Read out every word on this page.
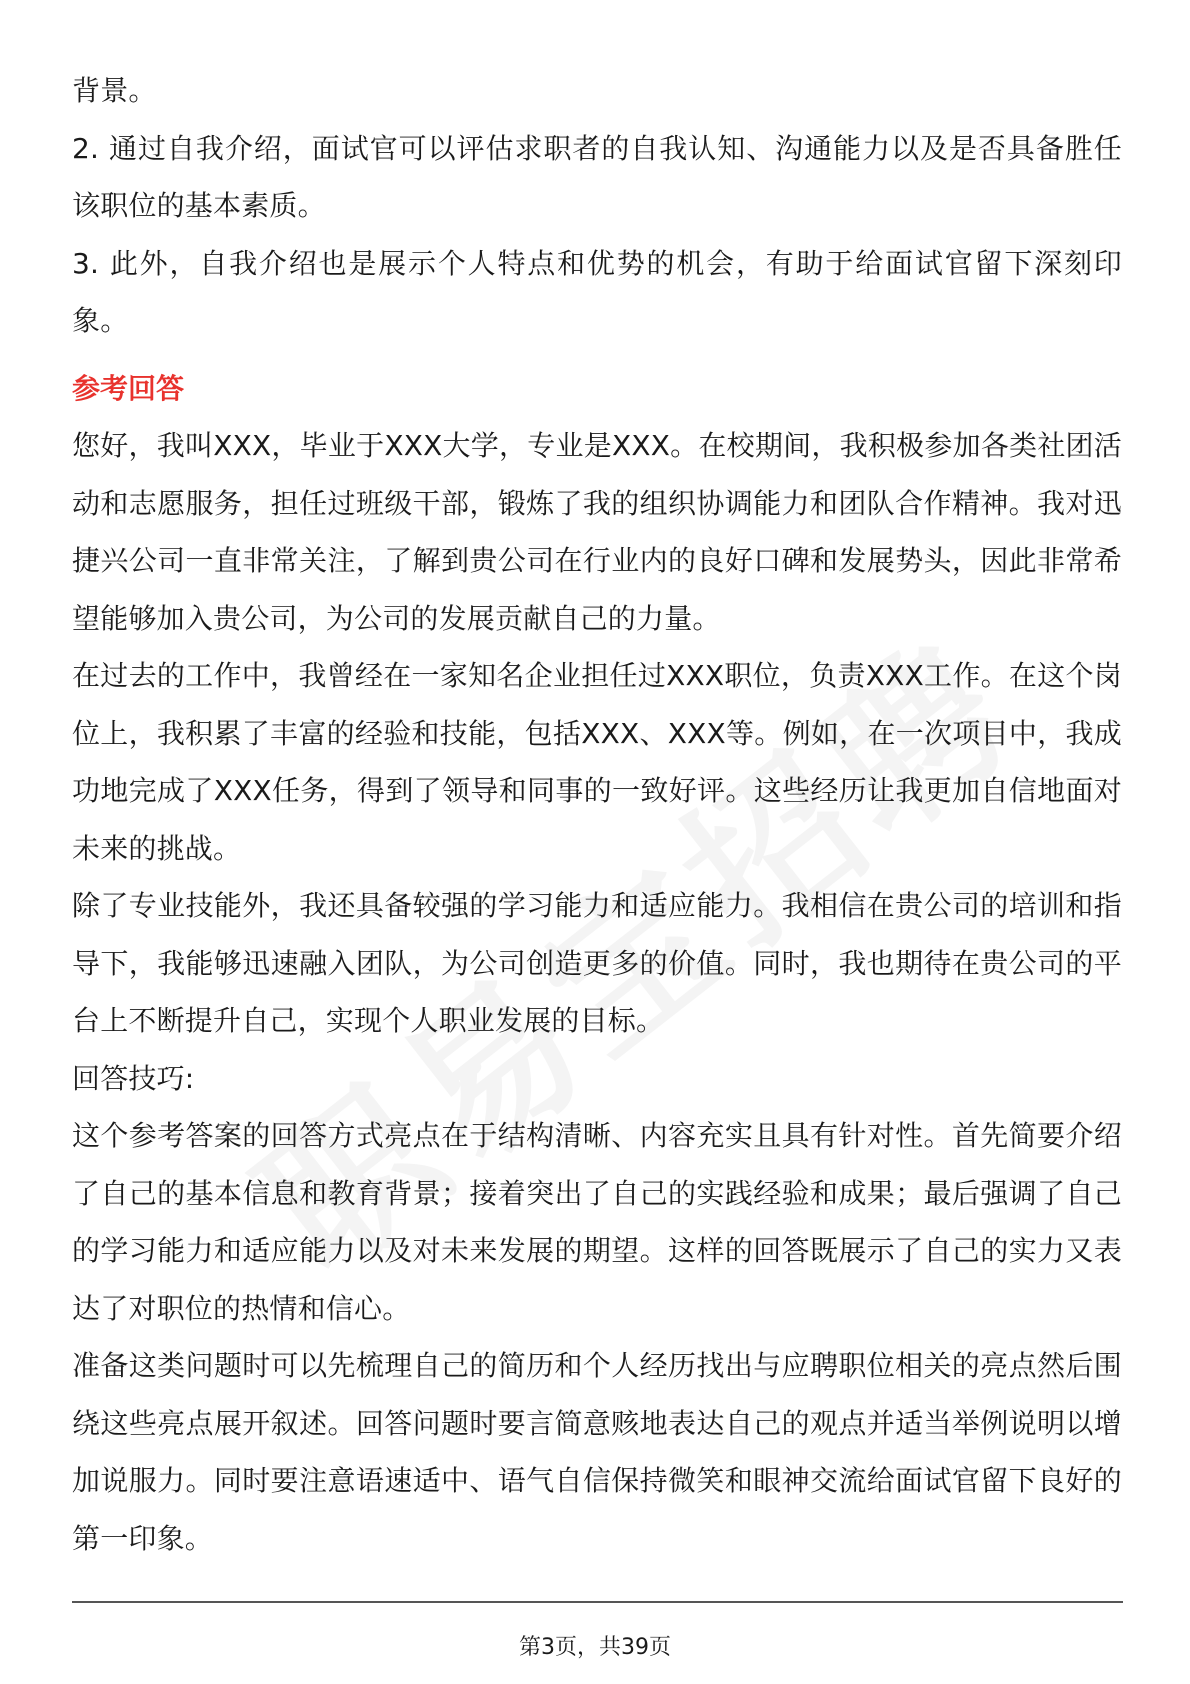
背景。

2. 通过自我介绍，面试官可以评估求职者的自我认知、沟通能力以及是否具备胜任该职位的基本素质。

3. 此外，自我介绍也是展示个人特点和优势的机会，有助于给面试官留下深刻印象。

参考回答

您好，我叫XXX，毕业于XXX大学，专业是XXX。在校期间，我积极参加各类社团活动和志愿服务，担任过班级干部，锻炼了我的组织协调能力和团队合作精神。我对迅捷兴公司一直非常关注，了解到贵公司在行业内的良好口碑和发展势头，因此非常希望能够加入贵公司，为公司的发展贡献自己的力量。

在过去的工作中，我曾经在一家知名企业担任过XXX职位，负责XXX工作。在这个岗位上，我积累了丰富的经验和技能，包括XXX、XXX等。例如，在一次项目中，我成功地完成了XXX任务，得到了领导和同事的一致好评。这些经历让我更加自信地面对未来的挑战。

除了专业技能外，我还具备较强的学习能力和适应能力。我相信在贵公司的培训和指导下，我能够迅速融入团队，为公司创造更多的价值。同时，我也期待在贵公司的平台上不断提升自己，实现个人职业发展的目标。

回答技巧:

这个参考答案的回答方式亮点在于结构清晰、内容充实且具有针对性。首先简要介绍了自己的基本信息和教育背景；接着突出了自己的实践经验和成果；最后强调了自己的学习能力和适应能力以及对未来发展的期望。这样的回答既展示了自己的实力又表达了对职位的热情和信心。

准备这类问题时可以先梳理自己的简历和个人经历找出与应聘职位相关的亮点然后围绕这些亮点展开叙述。回答问题时要言简意赅地表达自己的观点并适当举例说明以增加说服力。同时要注意语速适中、语气自信保持微笑和眼神交流给面试官留下良好的第一印象。

第3页，共39页
